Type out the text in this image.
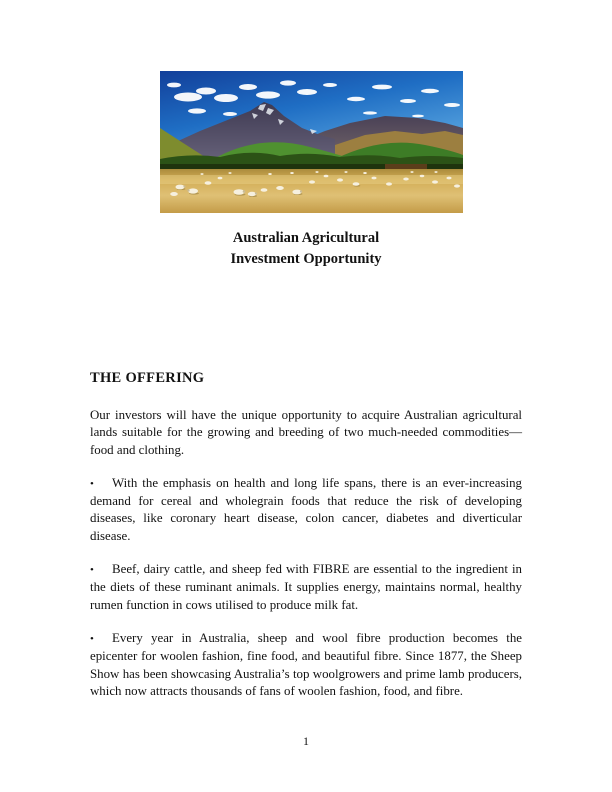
Australian Agricultural
Investment Opportunity
THE OFFERING

Our investors will have the unique opportunity to acquire Australian agricultural lands suitable for the growing and breeding of two much-needed commodities—food and clothing.

• With the emphasis on health and long life spans, there is an ever-increasing demand for cereal and wholegrain foods that reduce the risk of developing diseases, like coronary heart disease, colon cancer, diabetes and diverticular disease.

• Beef, dairy cattle, and sheep fed with FIBRE are essential to the ingredient in the diets of these ruminant animals. It supplies energy, maintains normal, healthy rumen function in cows utilised to produce milk fat.

• Every year in Australia, sheep and wool fibre production becomes the epicenter for woolen fashion, fine food, and beautiful fibre. Since 1877, the Sheep Show has been showcasing Australia’s top woolgrowers and prime lamb producers, which now attracts thousands of fans of woolen fashion, food, and fibre.

1
